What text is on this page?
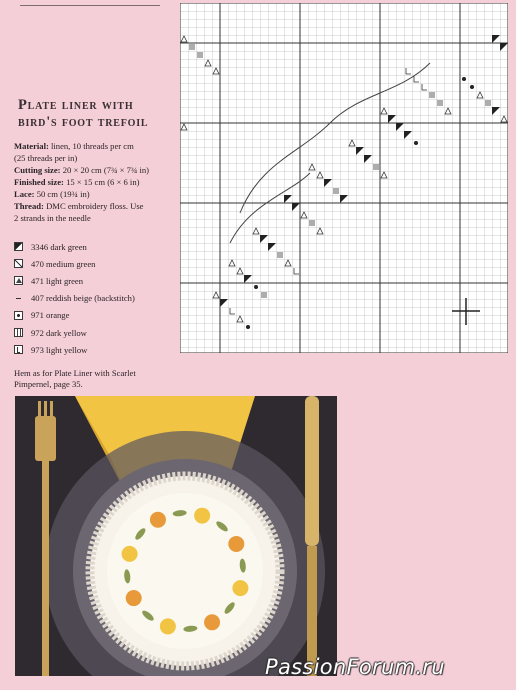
Plate liner with
bird's foot trefoil
Material: linen, 10 threads per cm
(25 threads per in)
Cutting size: 20 × 20 cm (7¾ × 7¾ in)
Finished size: 15 × 15 cm (6 × 6 in)
Lace: 50 cm (19¾ in)
Thread: DMC embroidery floss. Use
2 strands in the needle
3346 dark green
470 medium green
471 light green
407 reddish beige (backstitch)
971 orange
972 dark yellow
973 light yellow
Hem as for Plate Liner with Scarlet
Pimpernel, page 35.
PassionForum.ru
